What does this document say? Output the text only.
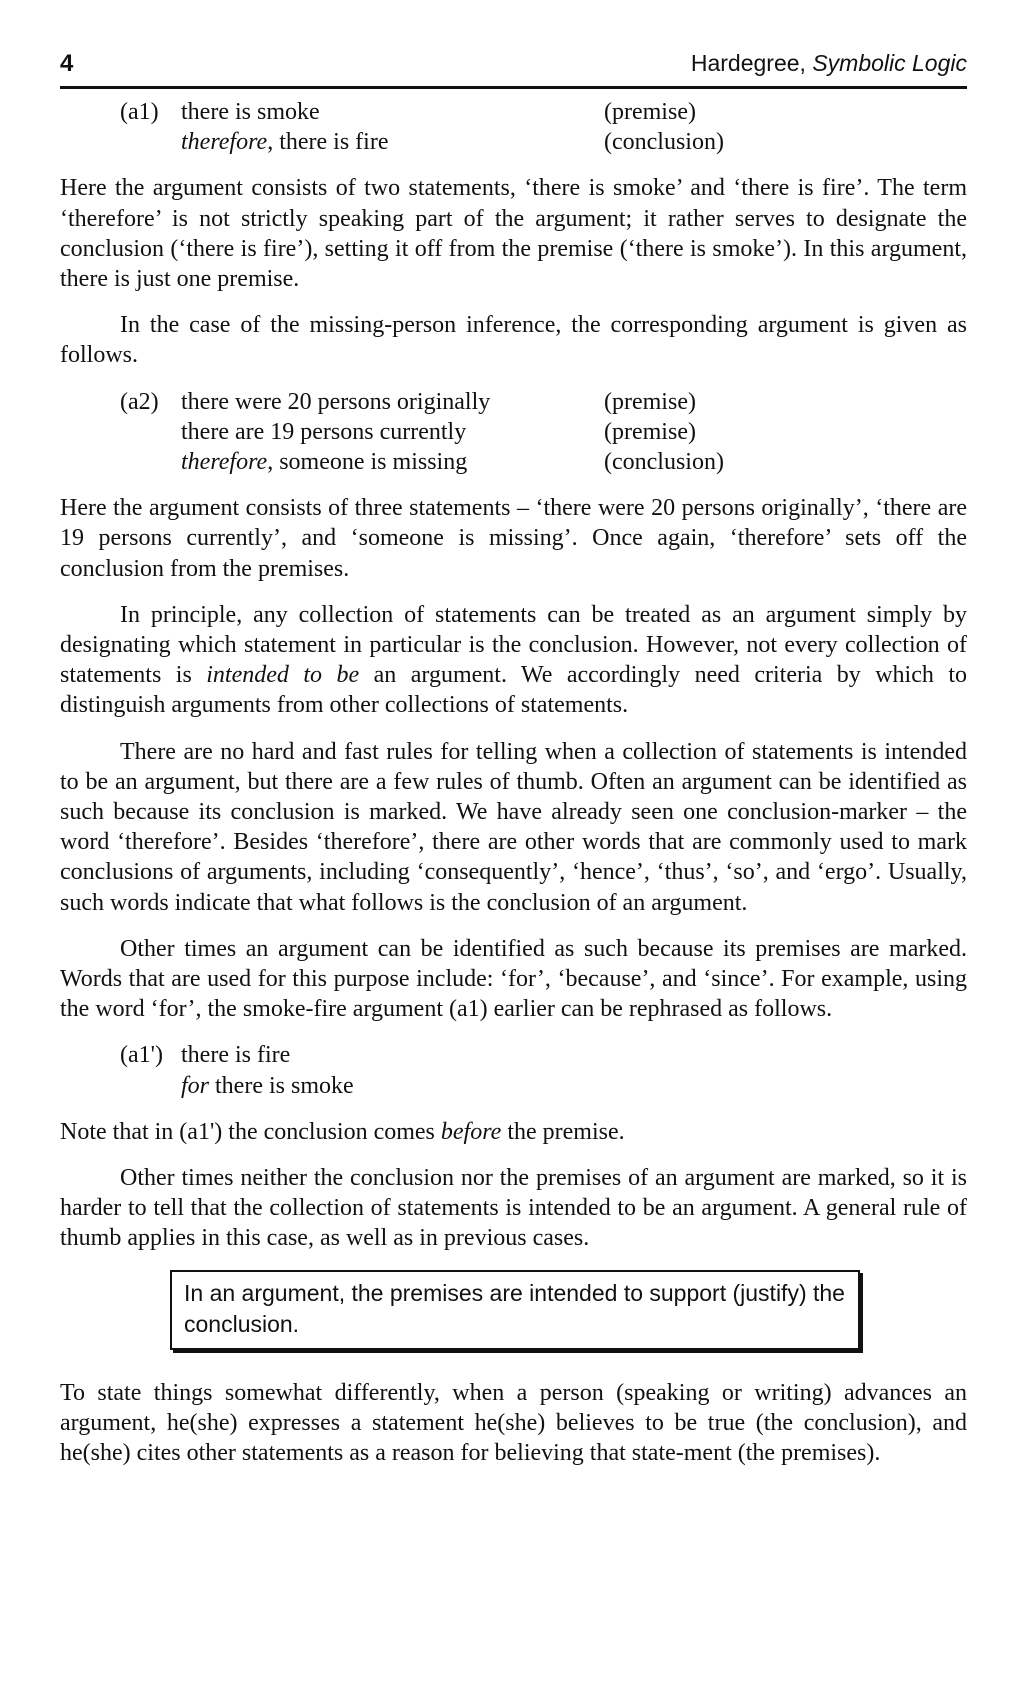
4	Hardegree, Symbolic Logic
(a1) there is smoke	(premise)
therefore, there is fire	(conclusion)

Here the argument consists of two statements, ‘there is smoke’ and ‘there is fire’. The term ‘therefore’ is not strictly speaking part of the argument; it rather serves to designate the conclusion (‘there is fire’), setting it off from the premise (‘there is smoke’). In this argument, there is just one premise.

In the case of the missing-person inference, the corresponding argument is given as follows.

(a2) there were 20 persons originally	(premise)
there are 19 persons currently	(premise)
therefore, someone is missing	(conclusion)

Here the argument consists of three statements – ‘there were 20 persons originally’, ‘there are 19 persons currently’, and ‘someone is missing’. Once again, ‘therefore’ sets off the conclusion from the premises.

In principle, any collection of statements can be treated as an argument simply by designating which statement in particular is the conclusion. However, not every collection of statements is intended to be an argument. We accordingly need criteria by which to distinguish arguments from other collections of statements.

There are no hard and fast rules for telling when a collection of statements is intended to be an argument, but there are a few rules of thumb. Often an argument can be identified as such because its conclusion is marked. We have already seen one conclusion-marker – the word ‘therefore’. Besides ‘therefore’, there are other words that are commonly used to mark conclusions of arguments, including ‘consequently’, ‘hence’, ‘thus’, ‘so’, and ‘ergo’. Usually, such words indicate that what follows is the conclusion of an argument.

Other times an argument can be identified as such because its premises are marked. Words that are used for this purpose include: ‘for’, ‘because’, and ‘since’. For example, using the word ‘for’, the smoke-fire argument (a1) earlier can be rephrased as follows.

(a1') there is fire
for there is smoke

Note that in (a1') the conclusion comes before the premise.

Other times neither the conclusion nor the premises of an argument are marked, so it is harder to tell that the collection of statements is intended to be an argument. A general rule of thumb applies in this case, as well as in previous cases.

In an argument, the premises are intended to support (justify) the conclusion.

To state things somewhat differently, when a person (speaking or writing) advances an argument, he(she) expresses a statement he(she) believes to be true (the conclusion), and he(she) cites other statements as a reason for believing that state-ment (the premises).
